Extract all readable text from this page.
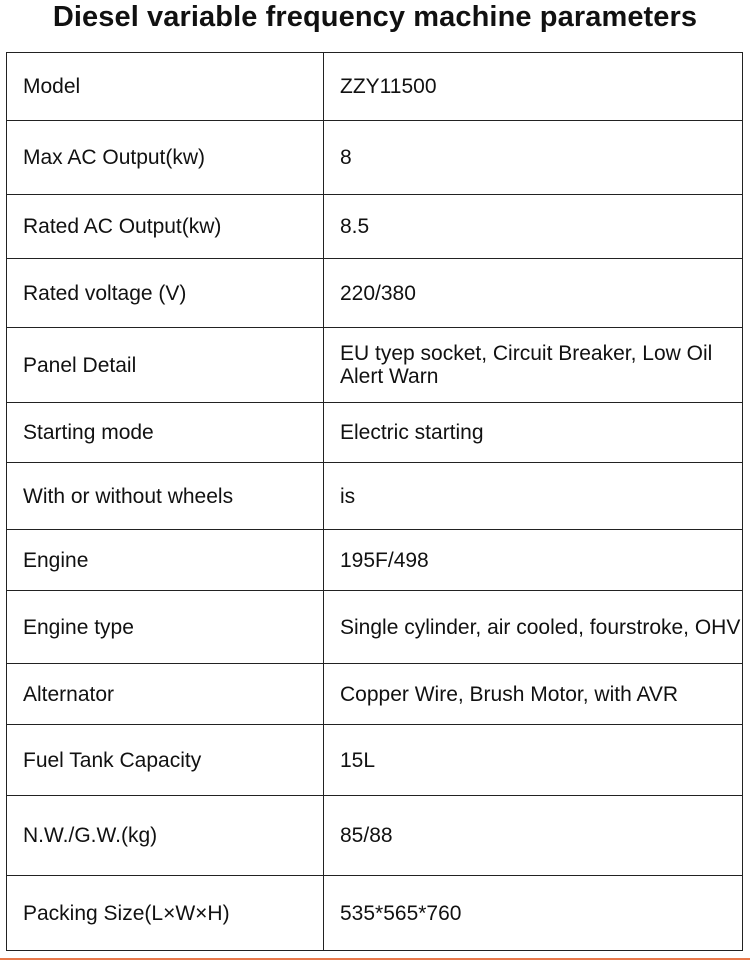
Diesel variable frequency machine parameters
Model	ZZY11500
Max AC Output(kw)	8
Rated AC Output(kw)	8.5
Rated voltage (V)	220/380
Panel Detail	EU tyep socket, Circuit Breaker, Low Oil Alert Warn
Starting mode	Electric starting
With or without wheels	is
Engine	195F/498
Engine type	Single cylinder, air cooled, fourstroke, OHV
Alternator	Copper Wire, Brush Motor, with AVR
Fuel Tank Capacity	15L
N.W./G.W.(kg)	85/88
Packing Size(L×W×H)	535*565*760
